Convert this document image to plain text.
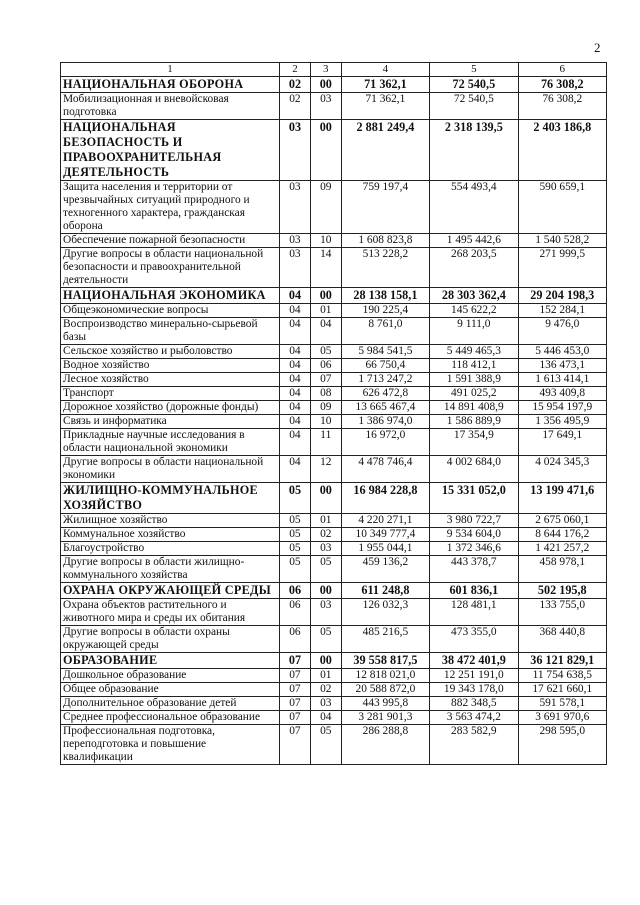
2
1	2	3	4	5	6
НАЦИОНАЛЬНАЯ ОБОРОНА	02	00	71 362,1	72 540,5	76 308,2
Мобилизационная и вневойсковая подготовка	02	03	71 362,1	72 540,5	76 308,2
НАЦИОНАЛЬНАЯ БЕЗОПАСНОСТЬ И ПРАВООХРАНИТЕЛЬНАЯ ДЕЯТЕЛЬНОСТЬ	03	00	2 881 249,4	2 318 139,5	2 403 186,8
Защита населения и территории от чрезвычайных ситуаций природного и техногенного характера, гражданская оборона	03	09	759 197,4	554 493,4	590 659,1
Обеспечение пожарной безопасности	03	10	1 608 823,8	1 495 442,6	1 540 528,2
Другие вопросы в области национальной безопасности и правоохранительной деятельности	03	14	513 228,2	268 203,5	271 999,5
НАЦИОНАЛЬНАЯ ЭКОНОМИКА	04	00	28 138 158,1	28 303 362,4	29 204 198,3
Общеэкономические вопросы	04	01	190 225,4	145 622,2	152 284,1
Воспроизводство минерально-сырьевой базы	04	04	8 761,0	9 111,0	9 476,0
Сельское хозяйство и рыболовство	04	05	5 984 541,5	5 449 465,3	5 446 453,0
Водное хозяйство	04	06	66 750,4	118 412,1	136 473,1
Лесное хозяйство	04	07	1 713 247,2	1 591 388,9	1 613 414,1
Транспорт	04	08	626 472,8	491 025,2	493 409,8
Дорожное хозяйство (дорожные фонды)	04	09	13 665 467,4	14 891 408,9	15 954 197,9
Связь и информатика	04	10	1 386 974,0	1 586 889,9	1 356 495,9
Прикладные научные исследования в области национальной экономики	04	11	16 972,0	17 354,9	17 649,1
Другие вопросы в области национальной экономики	04	12	4 478 746,4	4 002 684,0	4 024 345,3
ЖИЛИЩНО-КОММУНАЛЬНОЕ ХОЗЯЙСТВО	05	00	16 984 228,8	15 331 052,0	13 199 471,6
Жилищное хозяйство	05	01	4 220 271,1	3 980 722,7	2 675 060,1
Коммунальное хозяйство	05	02	10 349 777,4	9 534 604,0	8 644 176,2
Благоустройство	05	03	1 955 044,1	1 372 346,6	1 421 257,2
Другие вопросы в области жилищно-коммунального хозяйства	05	05	459 136,2	443 378,7	458 978,1
ОХРАНА ОКРУЖАЮЩЕЙ СРЕДЫ	06	00	611 248,8	601 836,1	502 195,8
Охрана объектов растительного и животного мира и среды их обитания	06	03	126 032,3	128 481,1	133 755,0
Другие вопросы в области охраны окружающей среды	06	05	485 216,5	473 355,0	368 440,8
ОБРАЗОВАНИЕ	07	00	39 558 817,5	38 472 401,9	36 121 829,1
Дошкольное образование	07	01	12 818 021,0	12 251 191,0	11 754 638,5
Общее образование	07	02	20 588 872,0	19 343 178,0	17 621 660,1
Дополнительное образование детей	07	03	443 995,8	882 348,5	591 578,1
Среднее профессиональное образование	07	04	3 281 901,3	3 563 474,2	3 691 970,6
Профессиональная подготовка, переподготовка и повышение квалификации	07	05	286 288,8	283 582,9	298 595,0
